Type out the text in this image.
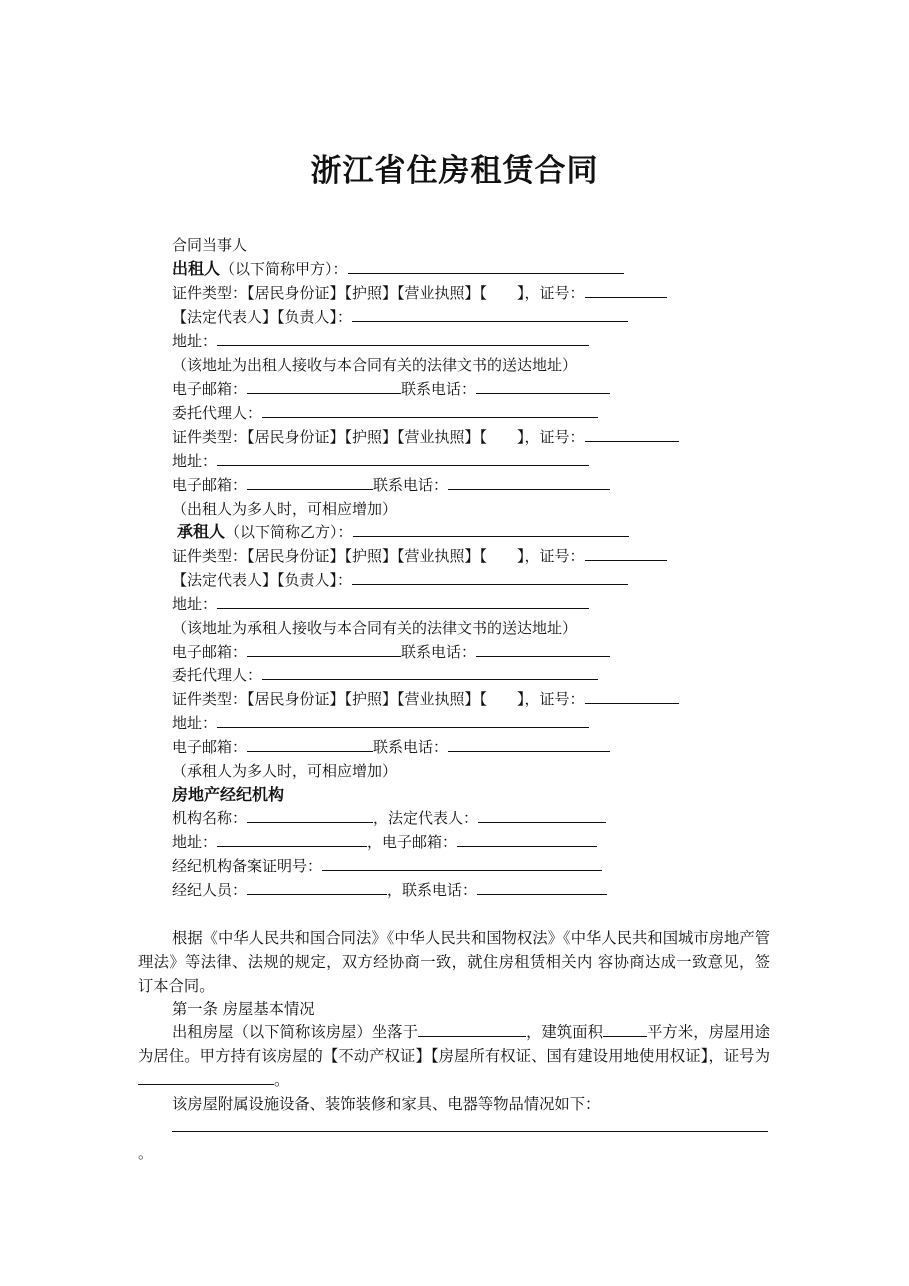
浙江省住房租赁合同
合同当事人
出租人（以下简称甲方）：
证件类型：【居民身份证】【护照】【营业执照】【　　】，证号：
【法定代表人】【负责人】：
地址：
（该地址为出租人接收与本合同有关的法律文书的送达地址）
电子邮箱：	联系电话：
委托代理人：
证件类型：【居民身份证】【护照】【营业执照】【　　】，证号：
地址：
电子邮箱：	联系电话：
（出租人为多人时，可相应增加）
承租人（以下简称乙方）：
证件类型：【居民身份证】【护照】【营业执照】【　　】，证号：
【法定代表人】【负责人】：
地址：
（该地址为承租人接收与本合同有关的法律文书的送达地址）
电子邮箱：	联系电话：
委托代理人：
证件类型：【居民身份证】【护照】【营业执照】【　　】，证号：
地址：
电子邮箱：	联系电话：
（承租人为多人时，可相应增加）
房地产经纪机构
机构名称：	，法定代表人：
地址：	，电子邮箱：
经纪机构备案证明号：
经纪人员：	，联系电话：
根据《中华人民共和国合同法》《中华人民共和国物权法》《中华人民共和国城市房地产管理法》等法律、法规的规定，双方经协商一致，就住房租赁相关内 容协商达成一致意见，签订本合同。
第一条 房屋基本情况
出租房屋（以下简称该房屋）坐落于	，建筑面积	平方米，房屋用途为居住。甲方持有该房屋的【不动产权证】【房屋所有权证、国有建设用地使用权证】，证号为。
该房屋附属设施设备、装饰装修和家具、电器等物品情况如下：
。
